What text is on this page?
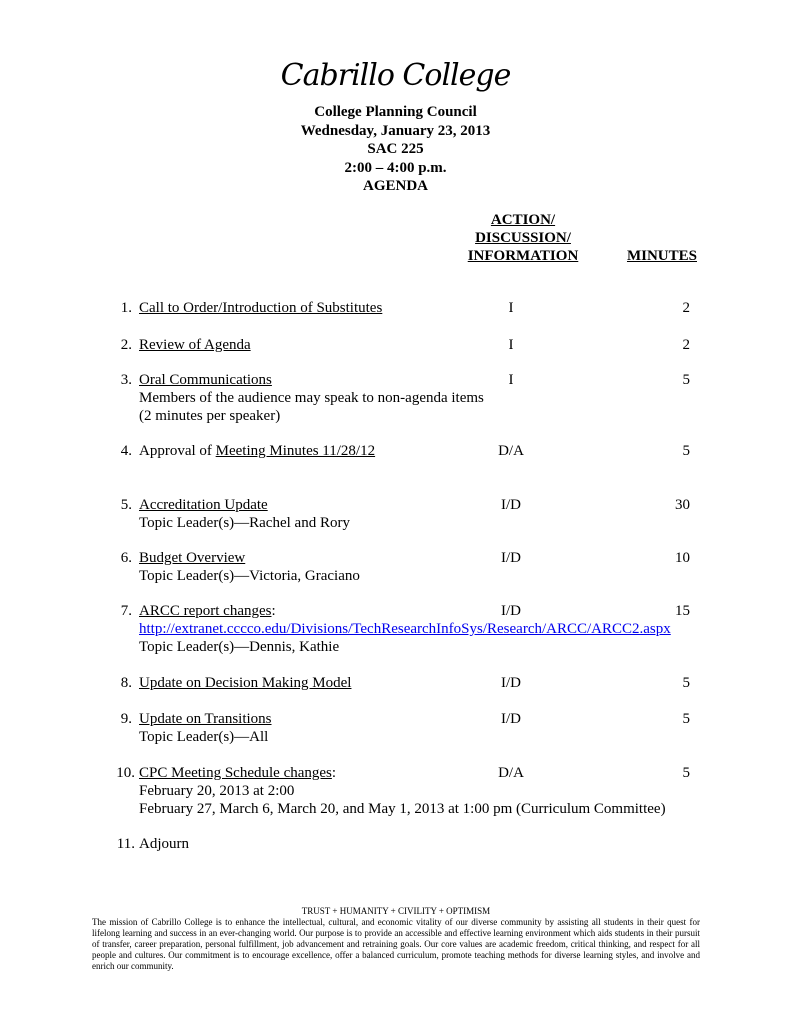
Cabrillo College
College Planning Council
Wednesday, January 23, 2013
SAC 225
2:00 – 4:00 p.m.
AGENDA
ACTION/
DISCUSSION/
INFORMATION	MINUTES
1. Call to Order/Introduction of Substitutes	I	2
2. Review of Agenda	I	2
3. Oral Communications	I	5
Members of the audience may speak to non-agenda items
(2 minutes per speaker)
4. Approval of Meeting Minutes 11/28/12	D/A	5
5. Accreditation Update	I/D	30
Topic Leader(s)—Rachel and Rory
6. Budget Overview	I/D	10
Topic Leader(s)—Victoria, Graciano
7. ARCC report changes:	I/D	15
http://extranet.cccco.edu/Divisions/TechResearchInfoSys/Research/ARCC/ARCC2.aspx
Topic Leader(s)—Dennis, Kathie
8. Update on Decision Making Model	I/D	5
9. Update on Transitions	I/D	5
Topic Leader(s)—All
10. CPC Meeting Schedule changes:	D/A	5
February 20, 2013 at 2:00
February 27, March 6, March 20, and May 1, 2013 at 1:00 pm (Curriculum Committee)
11. Adjourn
TRUST + HUMANITY + CIVILITY + OPTIMISM
The mission of Cabrillo College is to enhance the intellectual, cultural, and economic vitality of our diverse community by assisting all students in their quest for lifelong learning and success in an ever-changing world. Our purpose is to provide an accessible and effective learning environment which aids students in their pursuit of transfer, career preparation, personal fulfillment, job advancement and retraining goals. Our core values are academic freedom, critical thinking, and respect for all people and cultures. Our commitment is to encourage excellence, offer a balanced curriculum, promote teaching methods for diverse learning styles, and involve and enrich our community.
